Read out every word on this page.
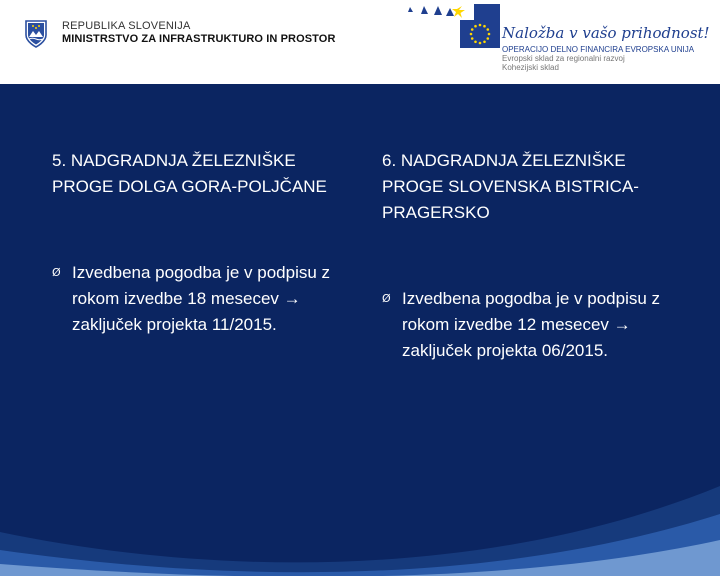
REPUBLIKA SLOVENIJA
MINISTRSTVO ZA INFRASTRUKTURO IN PROSTOR	Naložba v vašo prihodnost!
OPERACIJO DELNO FINANCIRA EVROPSKA UNIJA
Evropski sklad za regionalni razvoj
Kohezijski sklad
5. NADGRADNJA ŽELEZNIŠKE PROGE DOLGA GORA-POLJČANE
Ø Izvedbena pogodba je v podpisu z rokom izvedbe 18 mesecev → zaključek projekta 11/2015.
6. NADGRADNJA ŽELEZNIŠKE PROGE SLOVENSKA BISTRICA-PRAGERSKO
Ø Izvedbena pogodba je v podpisu z rokom izvedbe 12 mesecev → zaključek projekta 06/2015.
